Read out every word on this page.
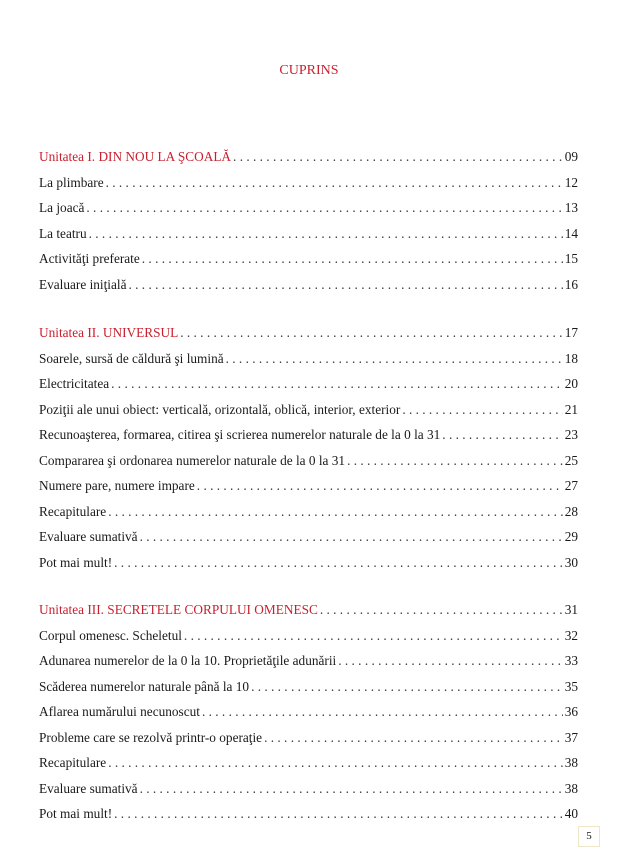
CUPRINS
Unitatea I. DIN NOU LA ŞCOALĂ . . .	09
La plimbare . . .	12
La joacă . . .	13
La teatru . . .	14
Activităţi preferate . . .	15
Evaluare iniţială . . .	16
Unitatea II. UNIVERSUL . . .	17
Soarele, sursă de căldură şi lumină . . .	18
Electricitatea . . .	20
Poziţii ale unui obiect: verticală, orizontală, oblică, interior, exterior . . .	21
Recunoaşterea, formarea, citirea şi scrierea numerelor naturale de la 0 la 31 . . .	23
Compararea şi ordonarea numerelor naturale de la 0 la 31 . . .	25
Numere pare, numere impare . . .	27
Recapitulare . . .	28
Evaluare sumativă . . .	29
Pot mai mult! . . .	30
Unitatea III. SECRETELE CORPULUI OMENESC . . .	31
Corpul omenesc. Scheletul . . .	32
Adunarea numerelor de la 0 la 10. Proprietăţile adunării . . .	33
Scăderea numerelor naturale până la 10 . . .	35
Aflarea numărului necunoscut . . .	36
Probleme care se rezolvă printr-o operaţie . . .	37
Recapitulare . . .	38
Evaluare sumativă . . .	38
Pot mai mult! . . .	40
5
